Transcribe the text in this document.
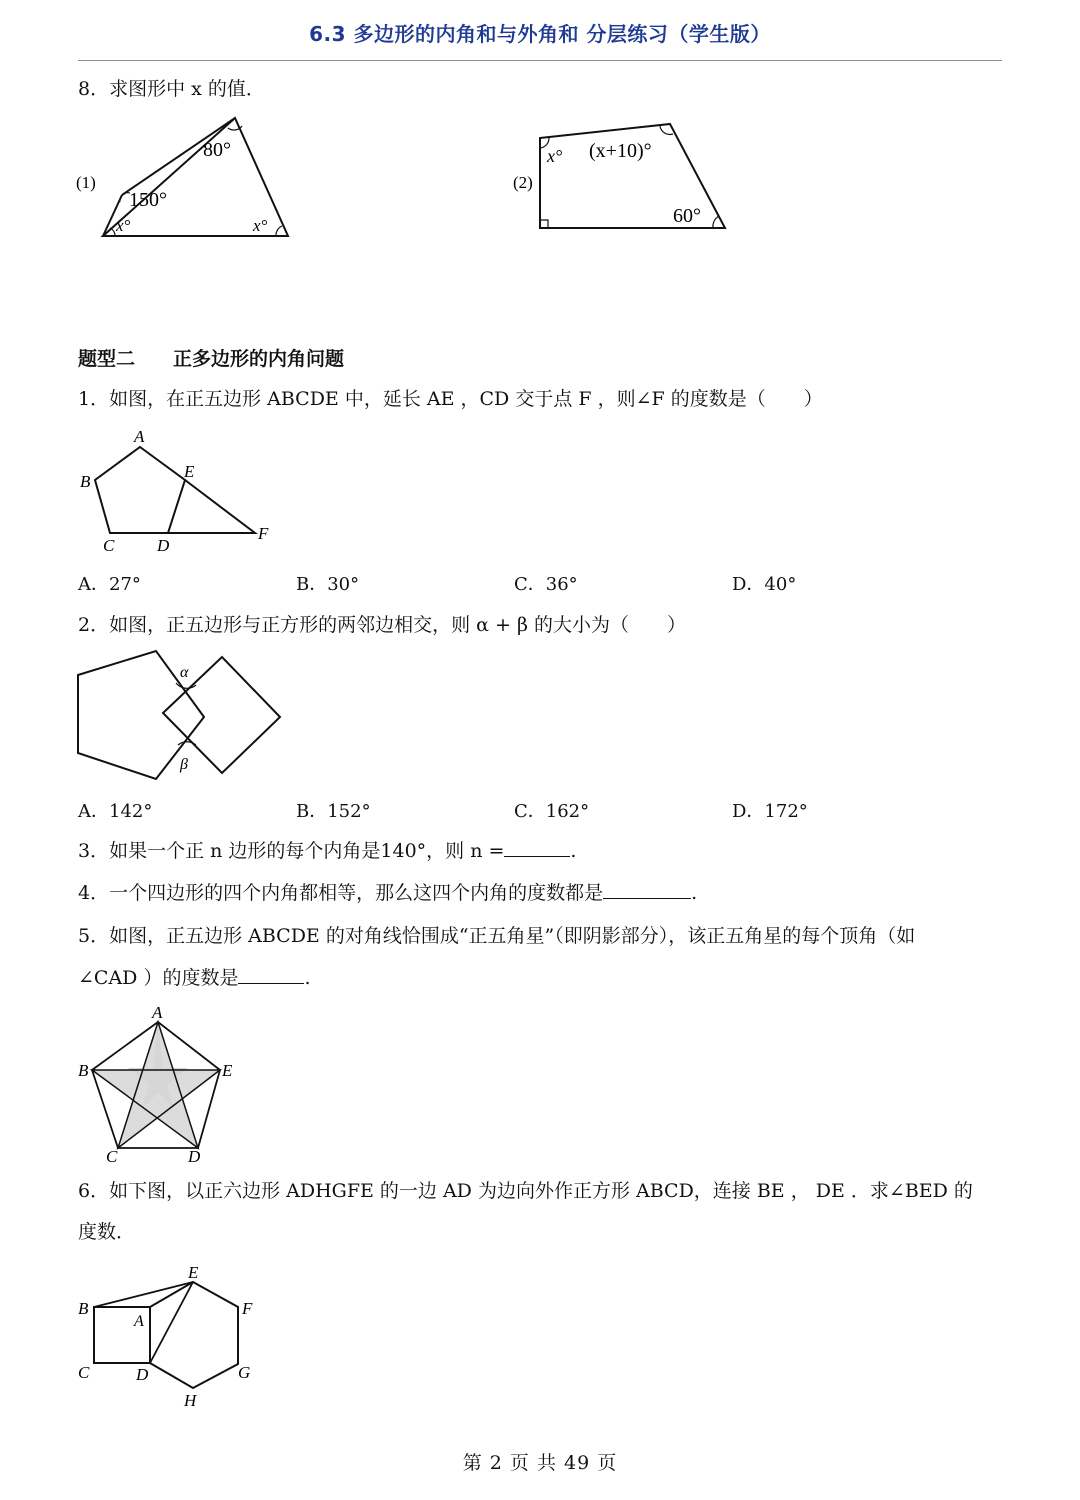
6.3 多边形的内角和与外角和 分层练习（学生版）
8．求图形中 x 的值．
(1)
80°
150°
x°	x°
(2)
x° (x+10)°
60°
题型二　　正多边形的内角问题
1．如图，在正五边形 ABCDE 中，延长 AE ，CD 交于点 F ，则∠F 的度数是（　　）
A
B
C	D
E
F
A．27°	B．30°	C．36°	D．40°
2．如图，正五边形与正方形的两邻边相交，则 α + β 的大小为（　　）
α
β
A．142°	B．152°	C．162°	D．172°
3．如果一个正 n 边形的每个内角是140°，则 n =	.
4．一个四边形的四个内角都相等，那么这四个内角的度数都是	.
5．如图，正五边形 ABCDE 的对角线恰围成“正五角星”（即阴影部分），该正五角星的每个顶角（如
∠CAD ）的度数是	.
A
B
C	D
E
6．如下图，以正六边形 ADHGFE 的一边 AD 为边向外作正方形 ABCD，连接 BE ， DE ．求∠BED 的
度数．
E
B
A
F
C	D	G
H
第 2 页 共 49 页
